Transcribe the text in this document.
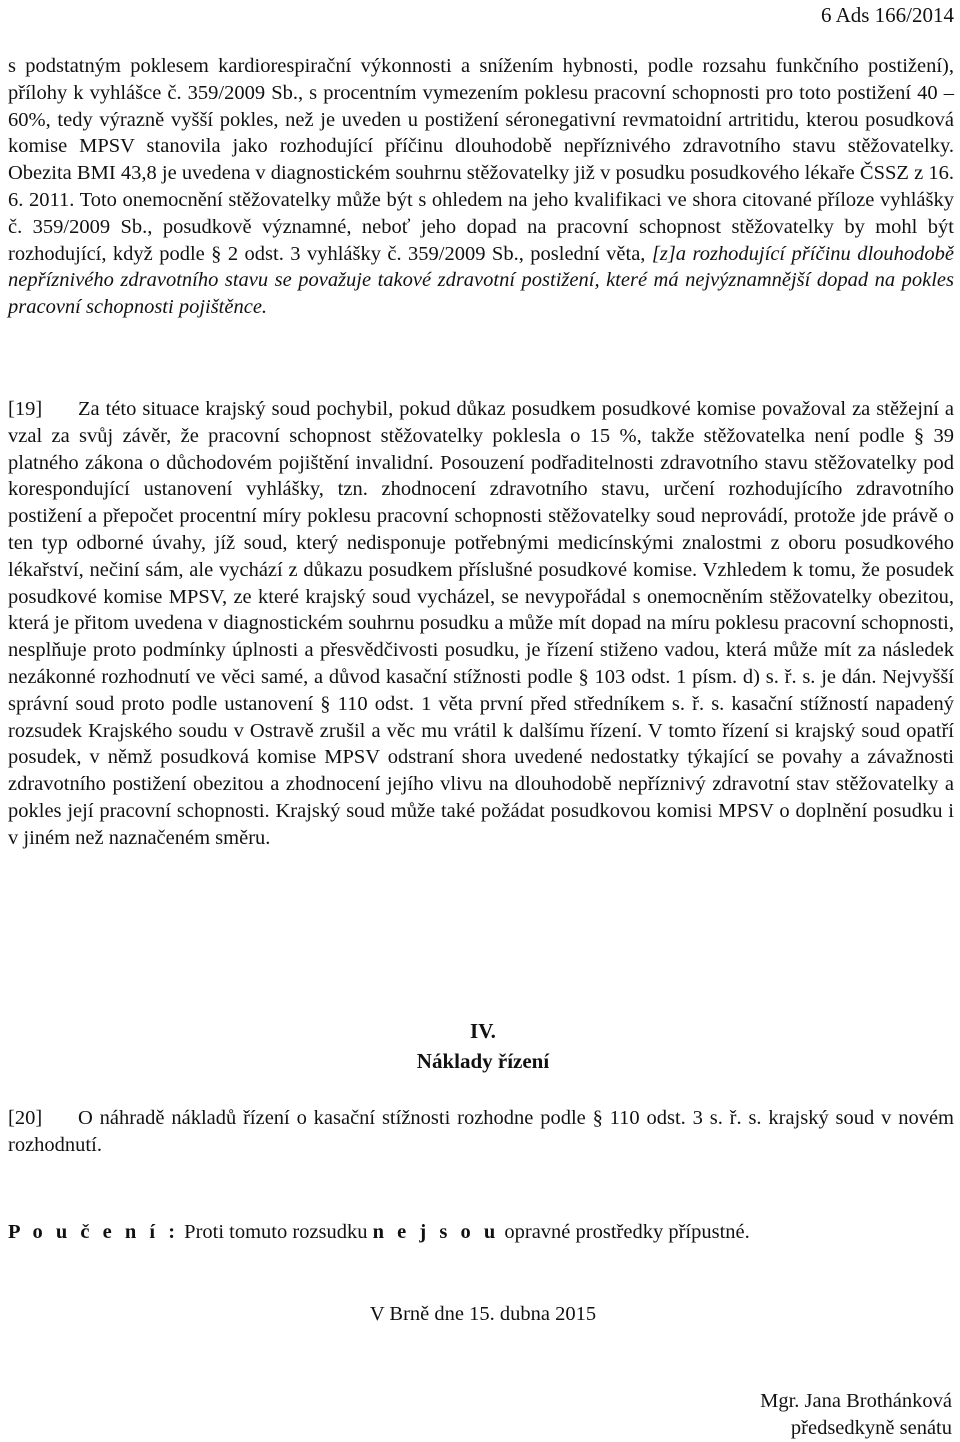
6 Ads 166/2014

s podstatným poklesem kardiorespirační výkonnosti a snížením hybnosti, podle rozsahu funkčního postižení), přílohy k vyhlášce č. 359/2009 Sb., s procentním vymezením poklesu pracovní schopnosti pro toto postižení 40 – 60%, tedy výrazně vyšší pokles, než je uveden u postižení séronegativní revmatoidní artritidu, kterou posudková komise MPSV stanovila jako rozhodující příčinu dlouhodobě nepříznivého zdravotního stavu stěžovatelky. Obezita BMI 43,8 je uvedena v diagnostickém souhrnu stěžovatelky již v posudku posudkového lékaře ČSSZ z 16. 6. 2011. Toto onemocnění stěžovatelky může být s ohledem na jeho kvalifikaci ve shora citované příloze vyhlášky č. 359/2009 Sb., posudkově významné, neboť jeho dopad na pracovní schopnost stěžovatelky by mohl být rozhodující, když podle § 2 odst. 3 vyhlášky č. 359/2009 Sb., poslední věta, [z]a rozhodující příčinu dlouhodobě nepříznivého zdravotního stavu se považuje takové zdravotní postižení, které má nejvýznamnější dopad na pokles pracovní schopnosti pojištěnce.

[19] Za této situace krajský soud pochybil, pokud důkaz posudkem posudkové komise považoval za stěžejní a vzal za svůj závěr, že pracovní schopnost stěžovatelky poklesla o 15 %, takže stěžovatelka není podle § 39 platného zákona o důchodovém pojištění invalidní. Posouzení podřaditelnosti zdravotního stavu stěžovatelky pod korespondující ustanovení vyhlášky, tzn. zhodnocení zdravotního stavu, určení rozhodujícího zdravotního postižení a přepočet procentní míry poklesu pracovní schopnosti stěžovatelky soud neprovádí, protože jde právě o ten typ odborné úvahy, jíž soud, který nedisponuje potřebnými medicínskými znalostmi z oboru posudkového lékařství, nečiní sám, ale vychází z důkazu posudkem příslušné posudkové komise. Vzhledem k tomu, že posudek posudkové komise MPSV, ze které krajský soud vycházel, se nevypořádal s onemocněním stěžovatelky obezitou, která je přitom uvedena v diagnostickém souhrnu posudku a může mít dopad na míru poklesu pracovní schopnosti, nesplňuje proto podmínky úplnosti a přesvědčivosti posudku, je řízení stiženo vadou, která může mít za následek nezákonné rozhodnutí ve věci samé, a důvod kasační stížnosti podle § 103 odst. 1 písm. d) s. ř. s. je dán. Nejvyšší správní soud proto podle ustanovení § 110 odst. 1 věta první před středníkem s. ř. s. kasační stížností napadený rozsudek Krajského soudu v Ostravě zrušil a věc mu vrátil k dalšímu řízení. V tomto řízení si krajský soud opatří posudek, v němž posudková komise MPSV odstraní shora uvedené nedostatky týkající se povahy a závažnosti zdravotního postižení obezitou a zhodnocení jejího vlivu na dlouhodobě nepříznivý zdravotní stav stěžovatelky a pokles její pracovní schopnosti. Krajský soud může také požádat posudkovou komisi MPSV o doplnění posudku i v jiném než naznačeném směru.

IV.
Náklady řízení

[20] O náhradě nákladů řízení o kasační stížnosti rozhodne podle § 110 odst. 3 s. ř. s. krajský soud v novém rozhodnutí.

P o u č e n í : Proti tomuto rozsudku n e j s o u opravné prostředky přípustné.
V Brně dne 15. dubna 2015
Mgr. Jana Brothánková
předsedkyně senátu
